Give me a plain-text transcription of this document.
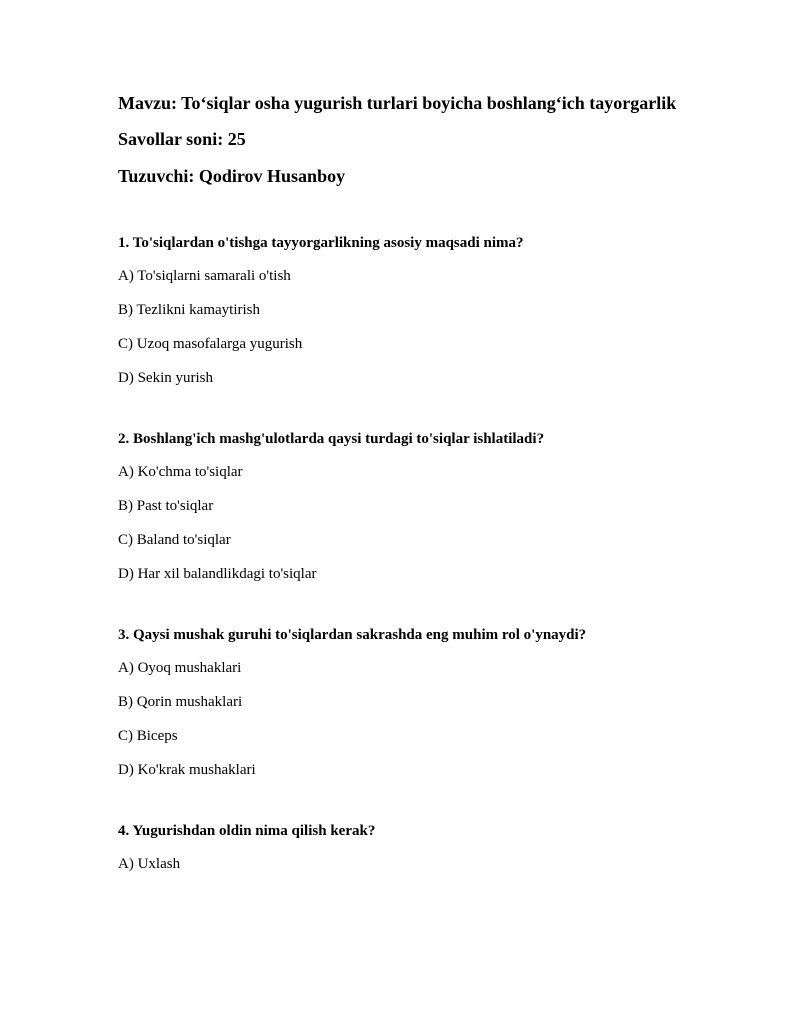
Mavzu: To‘siqlar osha yugurish turlari boyicha boshlang‘ich tayorgarlik
Savollar soni: 25
Tuzuvchi: Qodirov Husanboy
1. To'siqlardan o'tishga tayyorgarlikning asosiy maqsadi nima?
A) To'siqlarni samarali o'tish
B) Tezlikni kamaytirish
C) Uzoq masofalarga yugurish
D) Sekin yurish
2. Boshlang'ich mashg'ulotlarda qaysi turdagi to'siqlar ishlatiladi?
A) Ko'chma to'siqlar
B) Past to'siqlar
C) Baland to'siqlar
D) Har xil balandlikdagi to'siqlar
3. Qaysi mushak guruhi to'siqlardan sakrashda eng muhim rol o'ynaydi?
A) Oyoq mushaklari
B) Qorin mushaklari
C) Biceps
D) Ko'krak mushaklari
4. Yugurishdan oldin nima qilish kerak?
A) Uxlash
